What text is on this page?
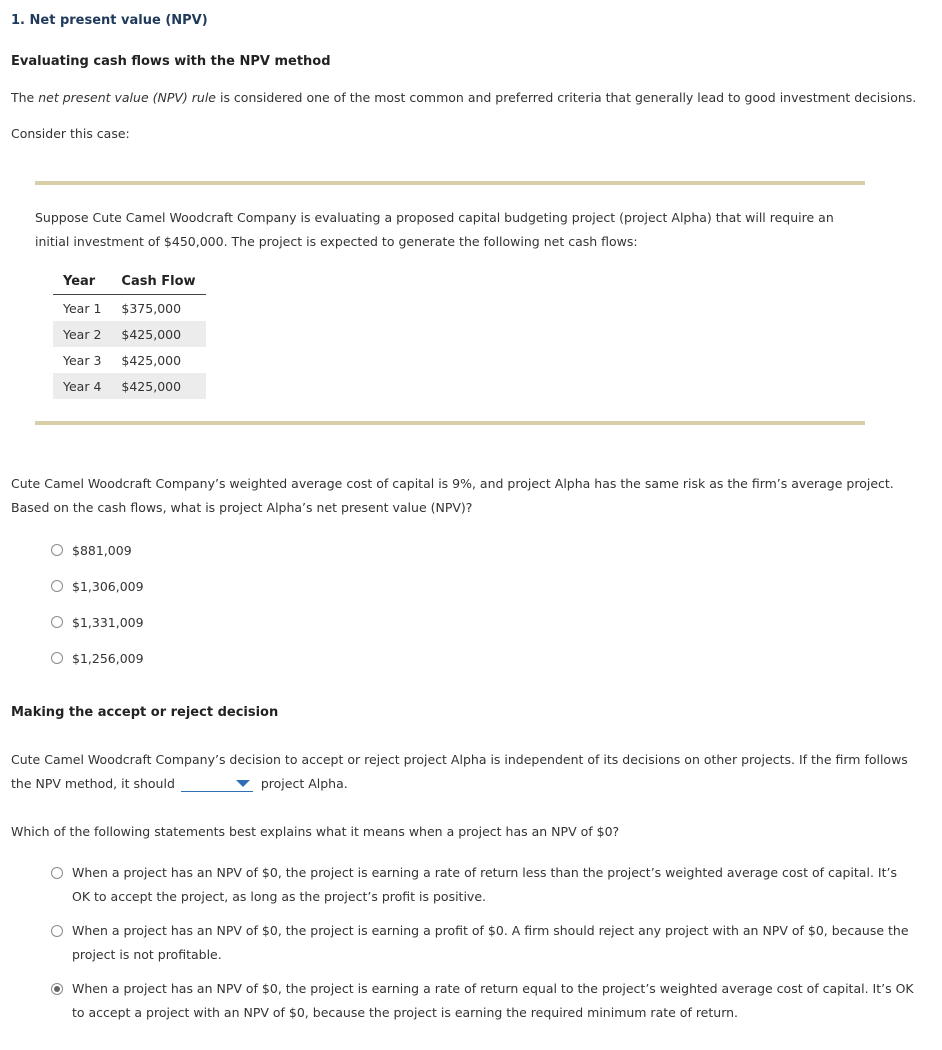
1. Net present value (NPV)
Evaluating cash flows with the NPV method
The net present value (NPV) rule is considered one of the most common and preferred criteria that generally lead to good investment decisions.
Consider this case:
Suppose Cute Camel Woodcraft Company is evaluating a proposed capital budgeting project (project Alpha) that will require an initial investment of $450,000. The project is expected to generate the following net cash flows:
Year	Cash Flow
Year 1	$375,000
Year 2	$425,000
Year 3	$425,000
Year 4	$425,000
Cute Camel Woodcraft Company’s weighted average cost of capital is 9%, and project Alpha has the same risk as the firm’s average project. Based on the cash flows, what is project Alpha’s net present value (NPV)?
$881,009
$1,306,009
$1,331,009
$1,256,009
Making the accept or reject decision
Cute Camel Woodcraft Company’s decision to accept or reject project Alpha is independent of its decisions on other projects. If the firm follows the NPV method, it should	project Alpha.
Which of the following statements best explains what it means when a project has an NPV of $0?
When a project has an NPV of $0, the project is earning a rate of return less than the project’s weighted average cost of capital. It’s OK to accept the project, as long as the project’s profit is positive.
When a project has an NPV of $0, the project is earning a profit of $0. A firm should reject any project with an NPV of $0, because the project is not profitable.
When a project has an NPV of $0, the project is earning a rate of return equal to the project’s weighted average cost of capital. It’s OK to accept a project with an NPV of $0, because the project is earning the required minimum rate of return.
